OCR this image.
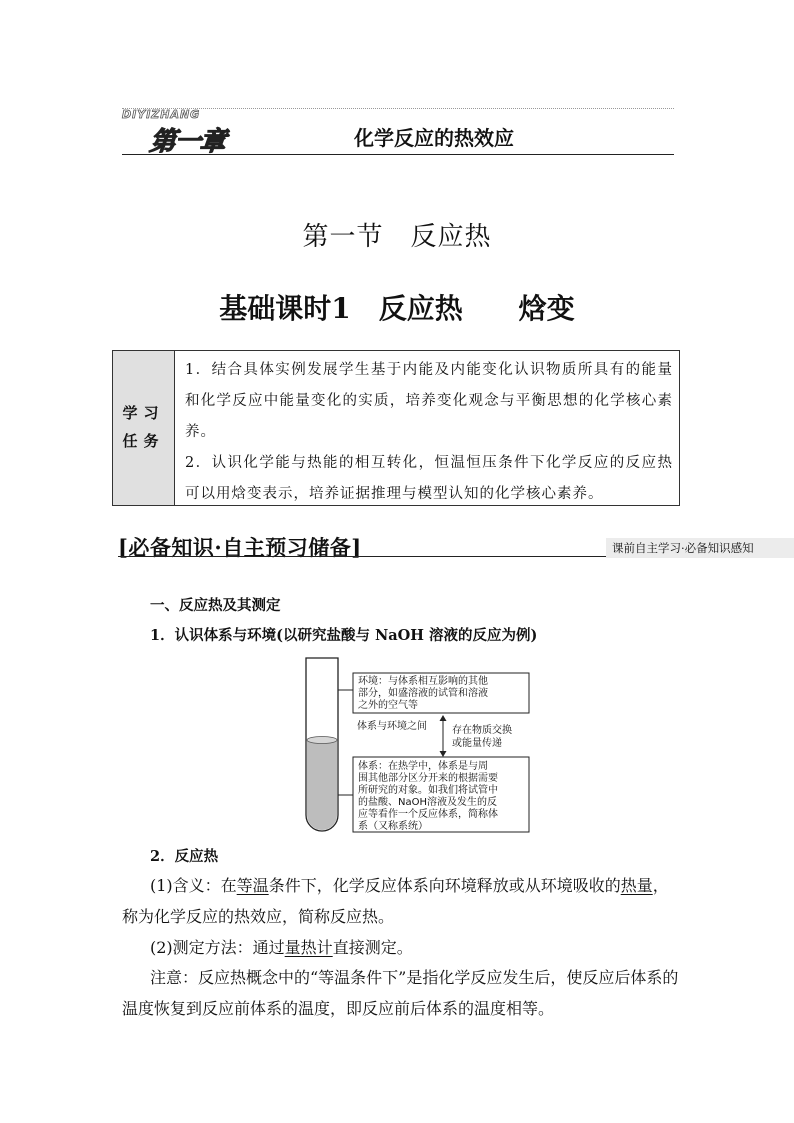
DIYIZHANG
第一章	化学反应的热效应
第一节　反应热
基础课时1　反应热　　焓变
学习
任务
1．结合具体实例发展学生基于内能及内能变化认识物质所具有的能量和化学反应中能量变化的实质，培养变化观念与平衡思想的化学核心素养。
2．认识化学能与热能的相互转化，恒温恒压条件下化学反应的反应热可以用焓变表示，培养证据推理与模型认知的化学核心素养。
[必备知识·自主预习储备]	课前自主学习·必备知识感知
一、反应热及其测定
1．认识体系与环境(以研究盐酸与 NaOH 溶液的反应为例)
环境：与体系相互影响的其他
部分，如盛溶液的试管和溶液
之外的空气等
体系与环境之间	存在物质交换
或能量传递
体系：在热学中，体系是与周
围其他部分区分开来的根据需要
所研究的对象。如我们将试管中
的盐酸、NaOH溶液及发生的反
应等看作一个反应体系，简称体
系（又称系统）
2．反应热
(1)含义：在等温条件下，化学反应体系向环境释放或从环境吸收的热量，称为化学反应的热效应，简称反应热。
(2)测定方法：通过量热计直接测定。
注意：反应热概念中的“等温条件下”是指化学反应发生后，使反应后体系的温度恢复到反应前体系的温度，即反应前后体系的温度相等。
